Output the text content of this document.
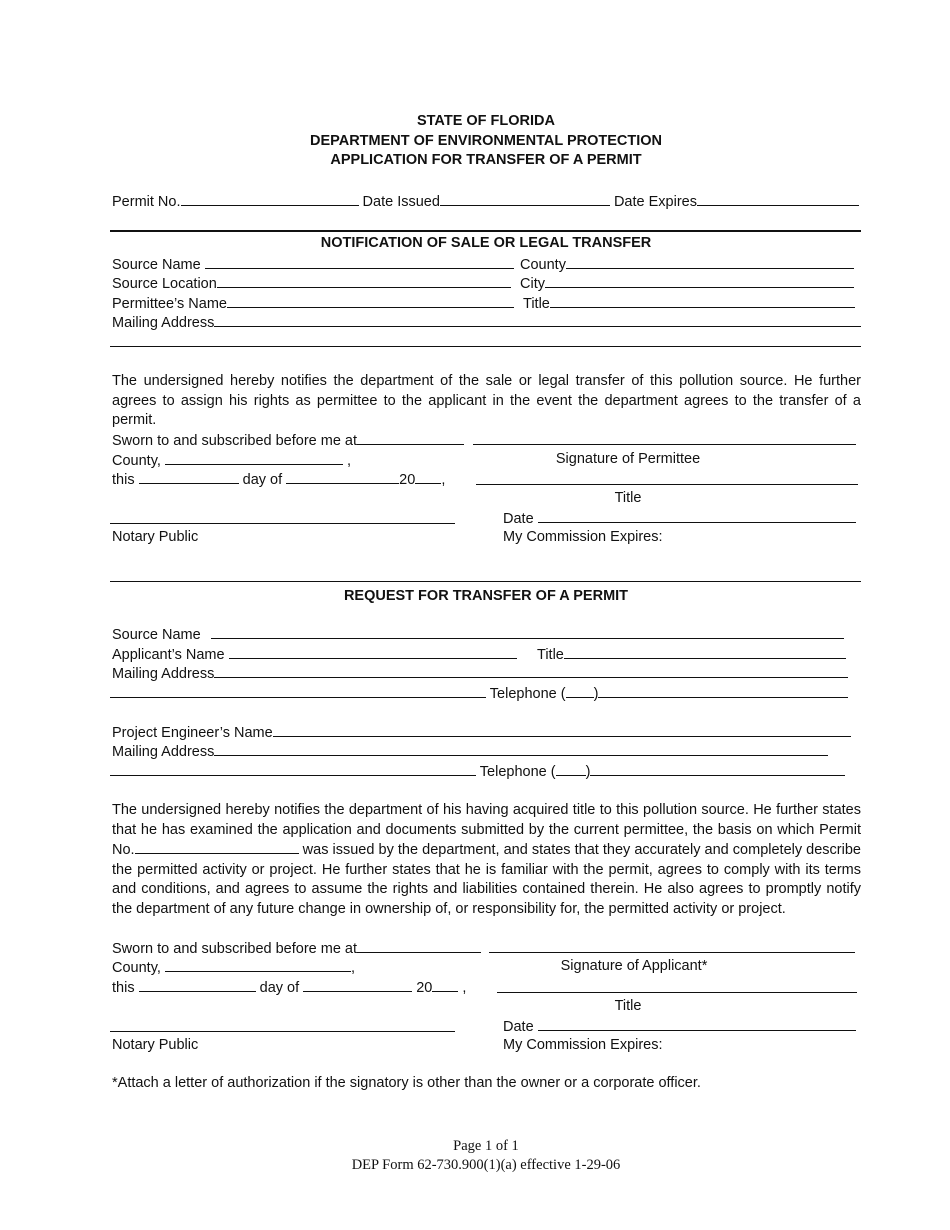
STATE OF FLORIDA
DEPARTMENT OF ENVIRONMENTAL PROTECTION
APPLICATION FOR TRANSFER OF A PERMIT
Permit No.	Date Issued	Date Expires
NOTIFICATION OF SALE OR LEGAL TRANSFER
Source Name	County
Source Location	City
Permittee’s Name	Title
Mailing Address
The undersigned hereby notifies the department of the sale or legal transfer of this pollution source. He further agrees to assign his rights as permittee to the applicant in the event the department agrees to the transfer of a permit.
Sworn to and subscribed before me at
County,	,	Signature of Permittee
this	day of	20 ,
Title
Date
Notary Public	My Commission Expires:
REQUEST FOR TRANSFER OF A PERMIT
Source Name
Applicant’s Name	Title
Mailing Address
Telephone ( )
Project Engineer’s Name
Mailing Address
Telephone ( )
The undersigned hereby notifies the department of his having acquired title to this pollution source. He further states that he has examined the application and documents submitted by the current permittee, the basis on which Permit No.	was issued by the department, and states that they accurately and completely describe the permitted activity or project. He further states that he is familiar with the permit, agrees to comply with its terms and conditions, and agrees to assume the rights and liabilities contained therein. He also agrees to promptly notify the department of any future change in ownership of, or responsibility for, the permitted activity or project.
Sworn to and subscribed before me at
County,	,	Signature of Applicant*
this	day of	20 ,
Title
Date
Notary Public	My Commission Expires:
*Attach a letter of authorization if the signatory is other than the owner or a corporate officer.
Page 1 of 1
DEP Form 62-730.900(1)(a) effective 1-29-06
